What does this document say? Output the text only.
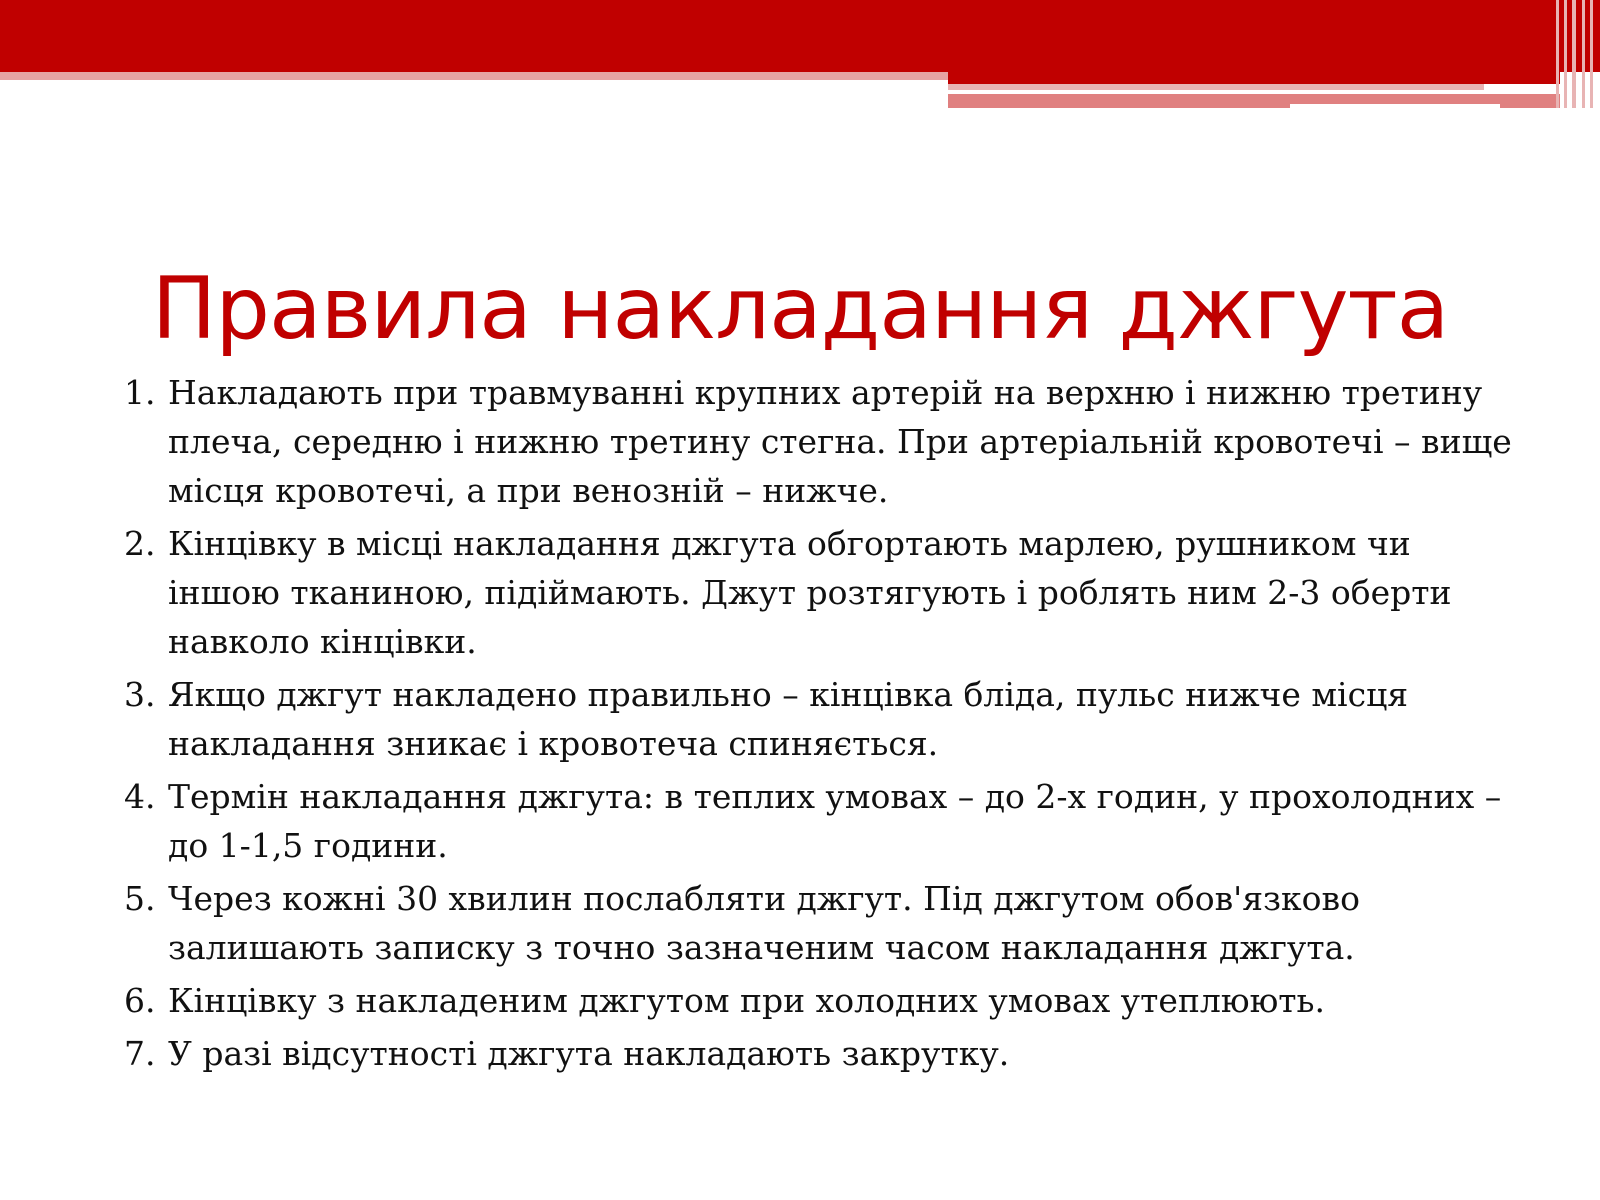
Правила накладання джгута
1. Накладають при травмуванні крупних артерій на верхню і нижню третину плеча, середню і нижню третину стегна. При артеріальній кровотечі – вище місця кровотечі, а при венозній – нижче.
2. Кінцівку в місці накладання джгута обгортають марлею, рушником чи іншою тканиною, підіймають. Джут розтягують і роблять ним 2-3 оберти навколо кінцівки.
3. Якщо джгут накладено правильно – кінцівка бліда, пульс нижче місця накладання зникає і кровотеча спиняється.
4. Термін накладання джгута: в теплих умовах – до 2-х годин, у прохолодних – до 1-1,5 години.
5. Через кожні 30 хвилин послабляти джгут. Під джгутом обов'язково залишають записку з точно зазначеним часом накладання джгута.
6. Кінцівку з накладеним джгутом при холодних умовах утеплюють.
7. У разі відсутності джгута накладають закрутку.
